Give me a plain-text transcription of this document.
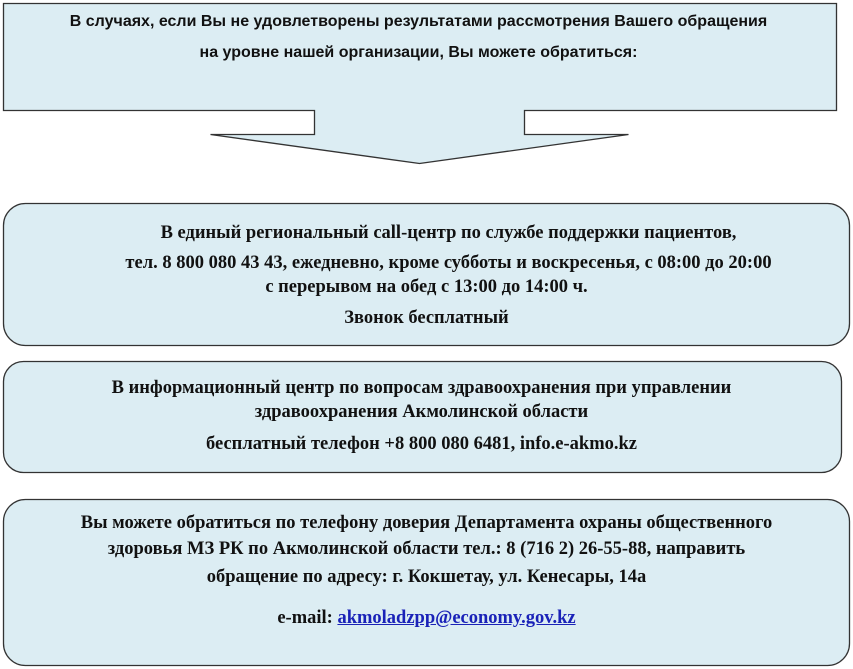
В случаях, если Вы не удовлетворены результатами рассмотрения Вашего обращения
на уровне нашей организации, Вы можете обратиться:
В единый региональный call-центр по службе поддержки пациентов,
тел. 8 800 080 43 43, ежедневно, кроме субботы и воскресенья, с 08:00 до 20:00
с перерывом на обед с 13:00 до 14:00 ч.
Звонок бесплатный
В информационный центр по вопросам здравоохранения при управлении
здравоохранения Акмолинской области
бесплатный телефон +8 800 080 6481, info.e-akmo.kz
Вы можете обратиться по телефону доверия Департамента охраны общественного
здоровья МЗ РК по Акмолинской области тел.: 8 (716 2) 26-55-88, направить
обращение по адресу: г. Кокшетау, ул. Кенесары, 14а
e-mail: akmoladzpp@economy.gov.kz
